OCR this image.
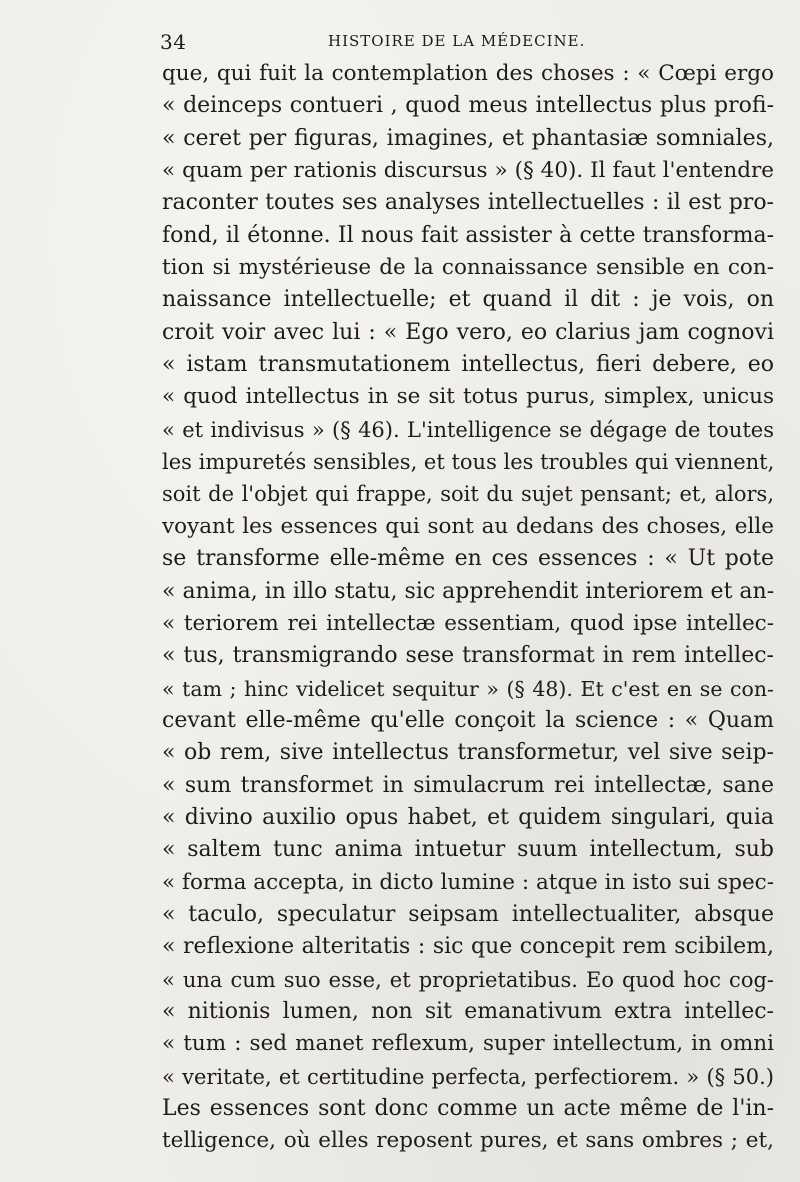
34	HISTOIRE DE LA MÉDECINE.
que, qui fuit la contemplation des choses : « Cœpi ergo
« deinceps contueri , quod meus intellectus plus profi-
« ceret per figuras, imagines, et phantasiæ somniales,
« quam per rationis discursus » (§ 40). Il faut l'entendre
raconter toutes ses analyses intellectuelles : il est pro-
fond, il étonne. Il nous fait assister à cette transforma-
tion si mystérieuse de la connaissance sensible en con-
naissance intellectuelle; et quand il dit : je vois, on
croit voir avec lui : « Ego vero, eo clarius jam cognovi
« istam transmutationem intellectus, fieri debere, eo
« quod intellectus in se sit totus purus, simplex, unicus
« et indivisus » (§ 46). L'intelligence se dégage de toutes
les impuretés sensibles, et tous les troubles qui viennent,
soit de l'objet qui frappe, soit du sujet pensant; et, alors,
voyant les essences qui sont au dedans des choses, elle
se transforme elle-même en ces essences : « Ut pote
« anima, in illo statu, sic apprehendit interiorem et an-
« teriorem rei intellectæ essentiam, quod ipse intellec-
« tus, transmigrando sese transformat in rem intellec-
« tam ; hinc videlicet sequitur » (§ 48). Et c'est en se con-
cevant elle-même qu'elle conçoit la science : « Quam
« ob rem, sive intellectus transformetur, vel sive seip-
« sum transformet in simulacrum rei intellectæ, sane
« divino auxilio opus habet, et quidem singulari, quia
« saltem tunc anima intuetur suum intellectum, sub
« forma accepta, in dicto lumine : atque in isto sui spec-
« taculo, speculatur seipsam intellectualiter, absque
« reflexione alteritatis : sic que concepit rem scibilem,
« una cum suo esse, et proprietatibus. Eo quod hoc cog-
« nitionis lumen, non sit emanativum extra intellec-
« tum : sed manet reflexum, super intellectum, in omni
« veritate, et certitudine perfecta, perfectiorem. » (§ 50.)
Les essences sont donc comme un acte même de l'in-
telligence, où elles reposent pures, et sans ombres ; et,
